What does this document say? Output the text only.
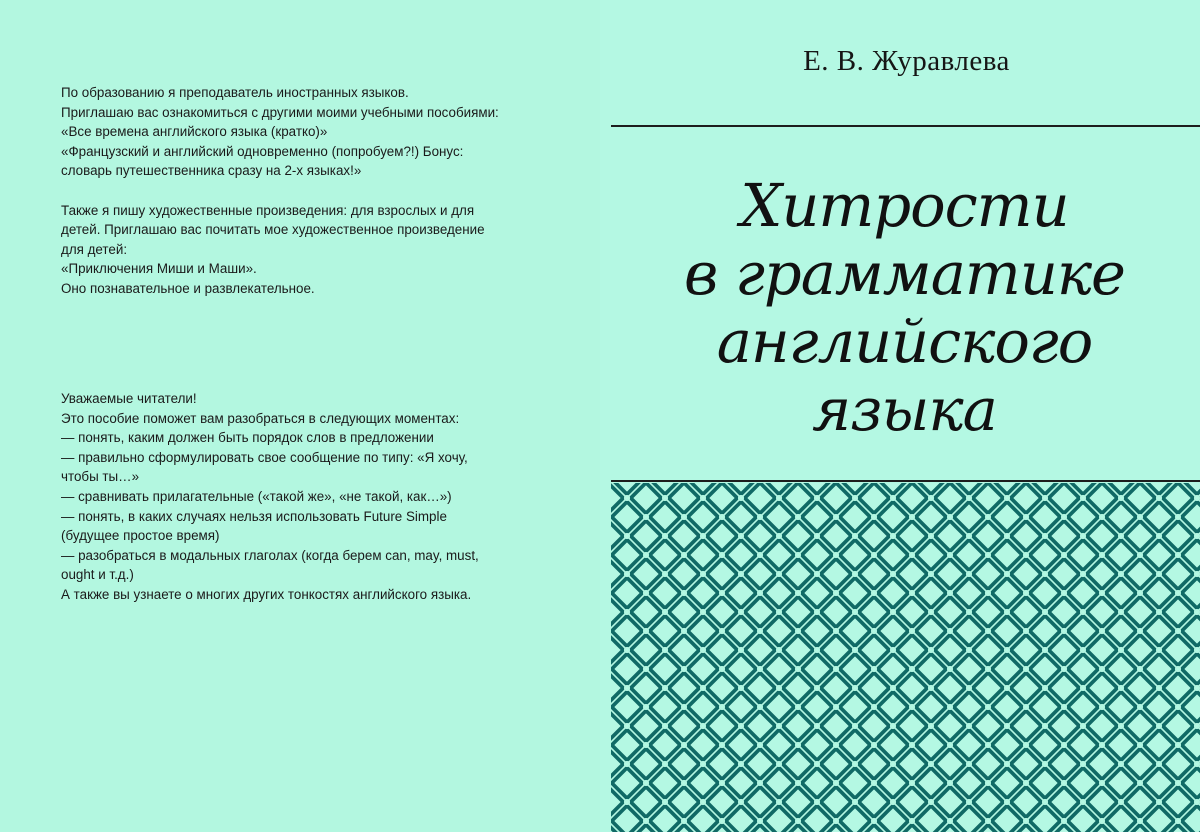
По образованию я преподаватель иностранных языков.
Приглашаю вас ознакомиться с другими моими учебными пособиями:
«Все времена английского языка (кратко)»
«Французский и английский одновременно (попробуем?!) Бонус:
словарь путешественника сразу на 2-х языках!»

Также я пишу художественные произведения: для взрослых и для
детей. Приглашаю вас почитать мое художественное произведение
для детей:
«Приключения Миши и Маши».
Оно познавательное и развлекательное.
Уважаемые читатели!
Это пособие поможет вам разобраться в следующих моментах:
— понять, каким должен быть порядок слов в предложении
— правильно сформулировать свое сообщение по типу: «Я хочу,
чтобы ты…»
— сравнивать прилагательные («такой же», «не такой, как…»)
— понять, в каких случаях нельзя использовать Future Simple
(будущее простое время)
— разобраться в модальных глаголах (когда берем can, may, must,
ought и т.д.)
А также вы узнаете о многих других тонкостях английского языка.
Е. В. Журавлева
Хитрости
в грамматике
английского
языка
